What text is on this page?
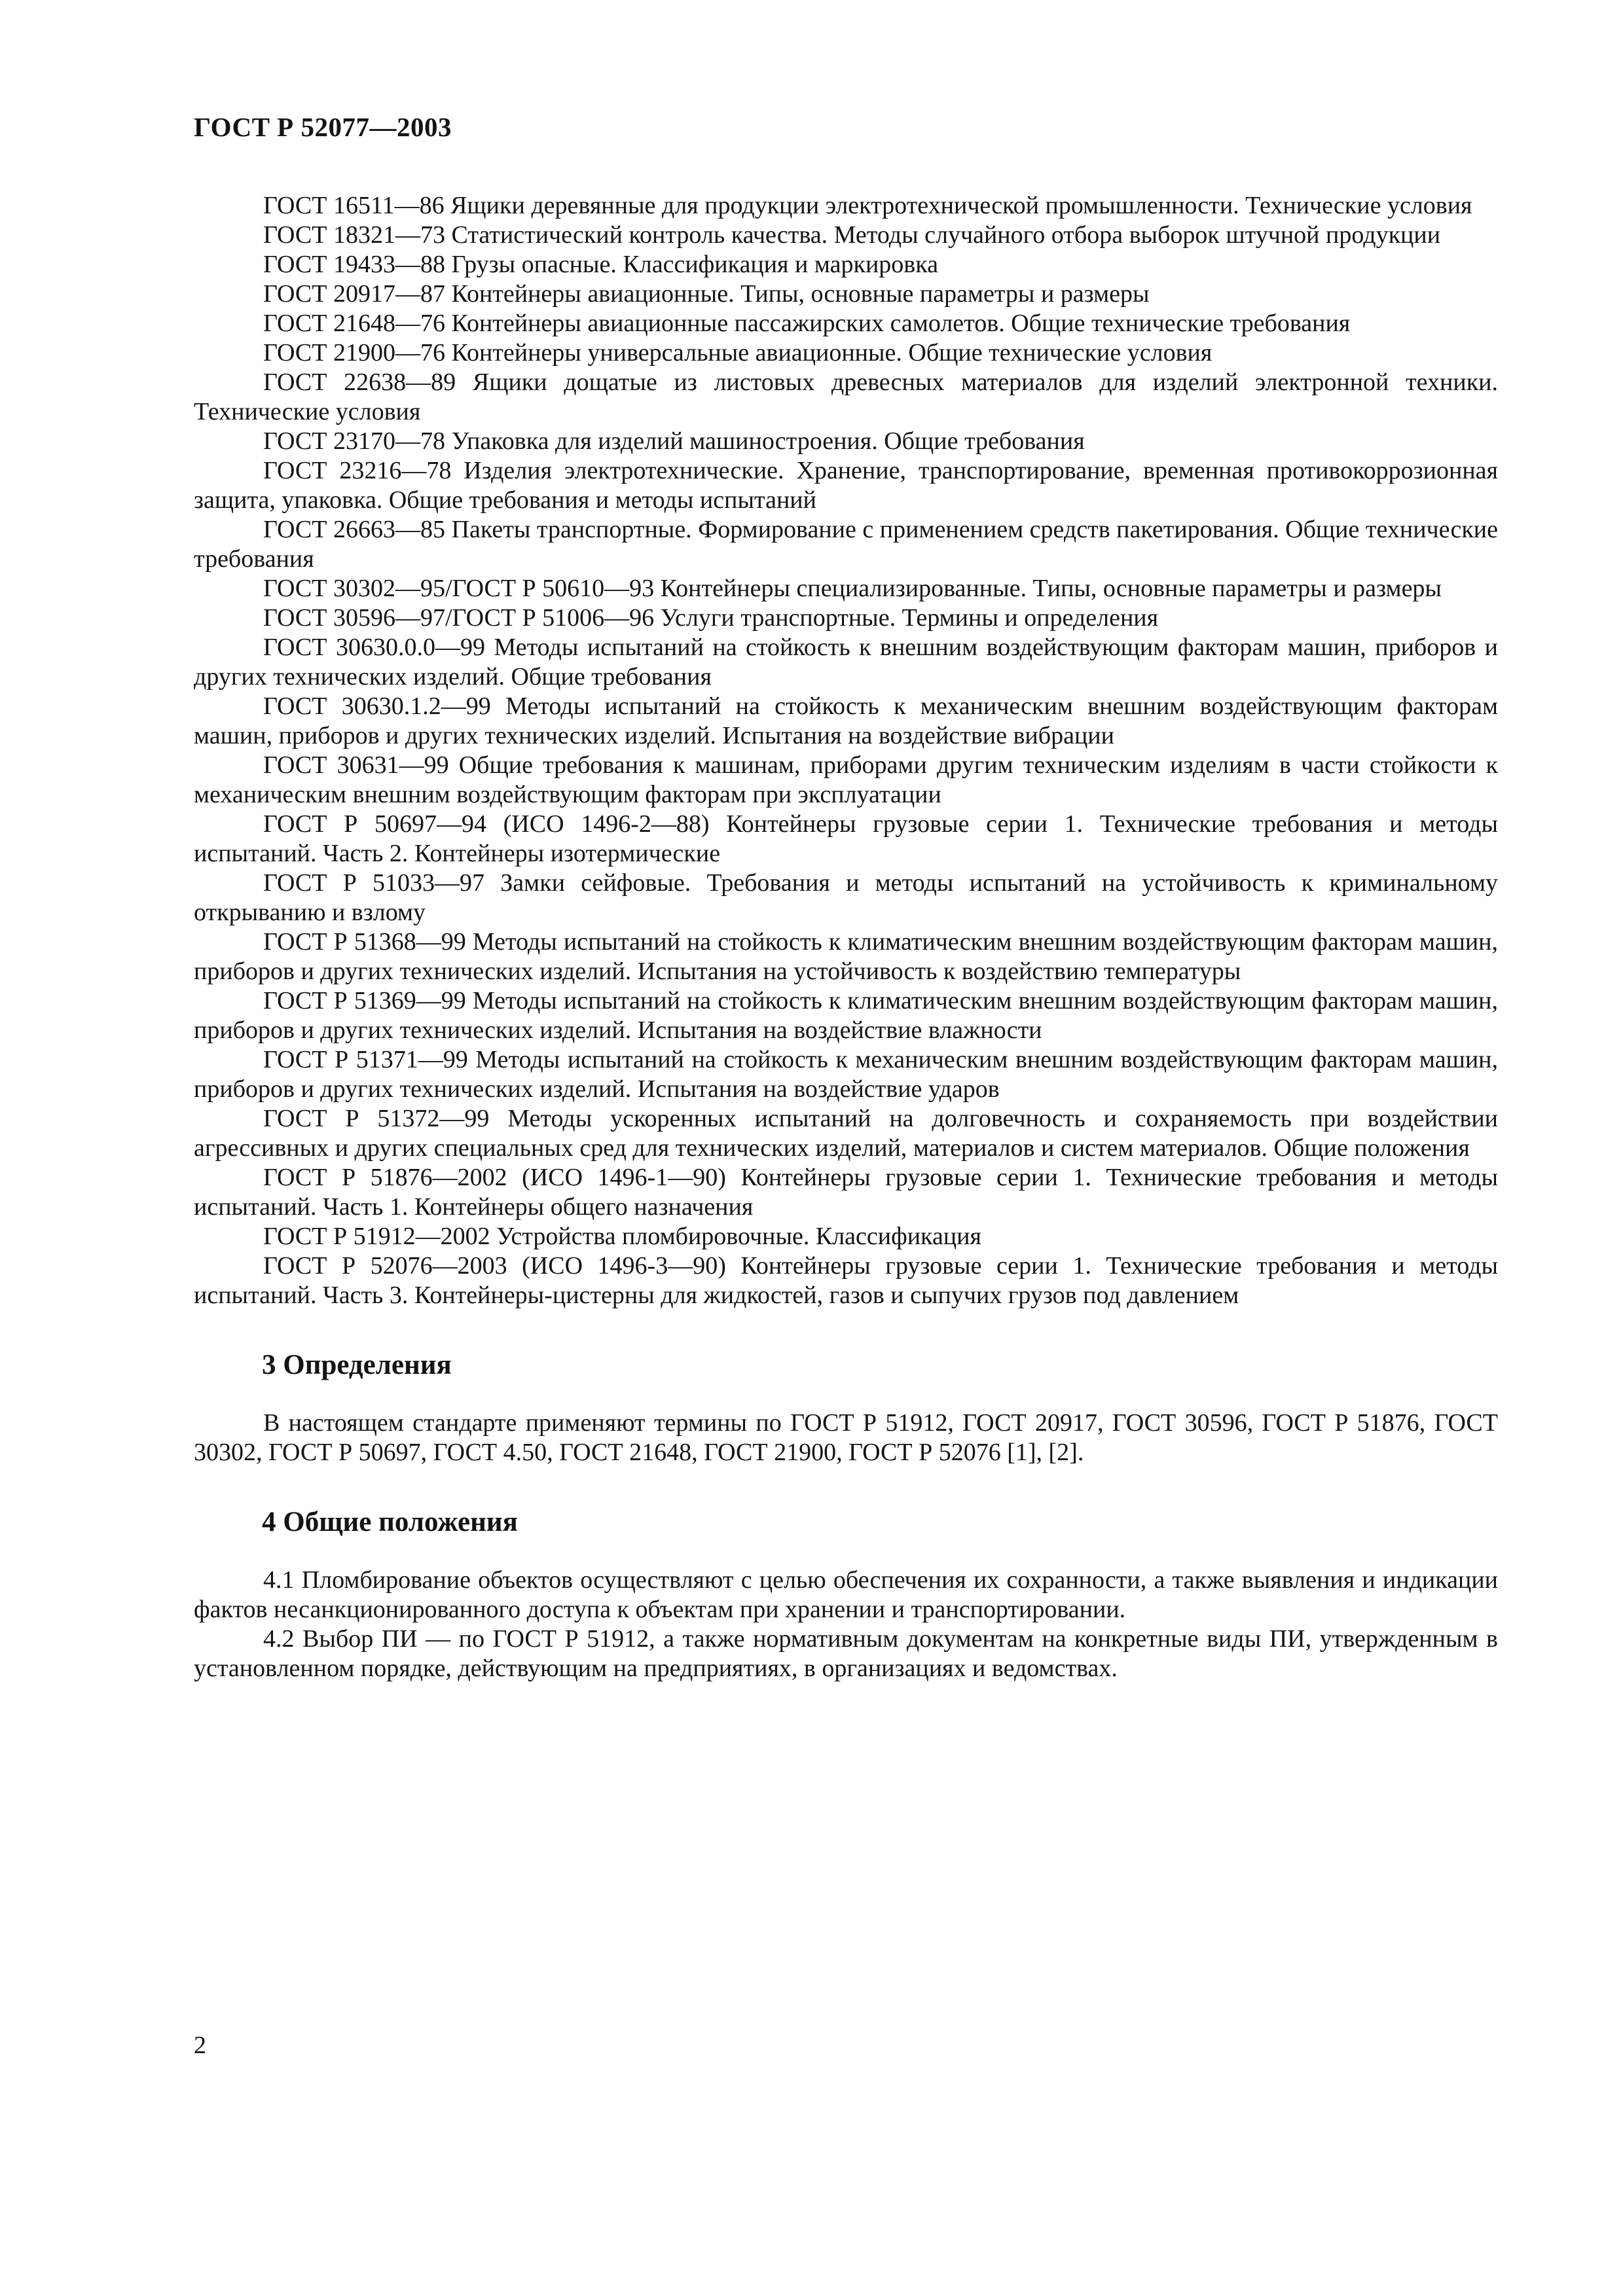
ГОСТ Р 52077—2003

ГОСТ 16511—86 Ящики деревянные для продукции электротехнической промышленности. Технические условия

ГОСТ 18321—73 Статистический контроль качества. Методы случайного отбора выборок штучной продукции

ГОСТ 19433—88 Грузы опасные. Классификация и маркировка

ГОСТ 20917—87 Контейнеры авиационные. Типы, основные параметры и размеры

ГОСТ 21648—76 Контейнеры авиационные пассажирских самолетов. Общие технические требования

ГОСТ 21900—76 Контейнеры универсальные авиационные. Общие технические условия

ГОСТ 22638—89 Ящики дощатые из листовых древесных материалов для изделий электронной техники. Технические условия

ГОСТ 23170—78 Упаковка для изделий машиностроения. Общие требования

ГОСТ 23216—78 Изделия электротехнические. Хранение, транспортирование, временная противокоррозионная защита, упаковка. Общие требования и методы испытаний

ГОСТ 26663—85 Пакеты транспортные. Формирование с применением средств пакетирования. Общие технические требования

ГОСТ 30302—95/ГОСТ Р 50610—93 Контейнеры специализированные. Типы, основные параметры и размеры

ГОСТ 30596—97/ГОСТ Р 51006—96 Услуги транспортные. Термины и определения

ГОСТ 30630.0.0—99 Методы испытаний на стойкость к внешним воздействующим факторам машин, приборов и других технических изделий. Общие требования

ГОСТ 30630.1.2—99 Методы испытаний на стойкость к механическим внешним воздействующим факторам машин, приборов и других технических изделий. Испытания на воздействие вибрации

ГОСТ 30631—99 Общие требования к машинам, приборами другим техническим изделиям в части стойкости к механическим внешним воздействующим факторам при эксплуатации

ГОСТ Р 50697—94 (ИСО 1496-2—88) Контейнеры грузовые серии 1. Технические требования и методы испытаний. Часть 2. Контейнеры изотермические

ГОСТ Р 51033—97 Замки сейфовые. Требования и методы испытаний на устойчивость к криминальному открыванию и взлому

ГОСТ Р 51368—99 Методы испытаний на стойкость к климатическим внешним воздействующим факторам машин, приборов и других технических изделий. Испытания на устойчивость к воздействию температуры

ГОСТ Р 51369—99 Методы испытаний на стойкость к климатическим внешним воздействующим факторам машин, приборов и других технических изделий. Испытания на воздействие влажности

ГОСТ Р 51371—99 Методы испытаний на стойкость к механическим внешним воздействующим факторам машин, приборов и других технических изделий. Испытания на воздействие ударов

ГОСТ Р 51372—99 Методы ускоренных испытаний на долговечность и сохраняемость при воздействии агрессивных и других специальных сред для технических изделий, материалов и систем материалов. Общие положения

ГОСТ Р 51876—2002 (ИСО 1496-1—90) Контейнеры грузовые серии 1. Технические требования и методы испытаний. Часть 1. Контейнеры общего назначения

ГОСТ Р 51912—2002 Устройства пломбировочные. Классификация

ГОСТ Р 52076—2003 (ИСО 1496-3—90) Контейнеры грузовые серии 1. Технические требования и методы испытаний. Часть 3. Контейнеры-цистерны для жидкостей, газов и сыпучих грузов под давлением

3 Определения

В настоящем стандарте применяют термины по ГОСТ Р 51912, ГОСТ 20917, ГОСТ 30596, ГОСТ Р 51876, ГОСТ 30302, ГОСТ Р 50697, ГОСТ 4.50, ГОСТ 21648, ГОСТ 21900, ГОСТ Р 52076 [1], [2].

4 Общие положения

4.1 Пломбирование объектов осуществляют с целью обеспечения их сохранности, а также выявления и индикации фактов несанкционированного доступа к объектам при хранении и транспортировании.

4.2 Выбор ПИ — по ГОСТ Р 51912, а также нормативным документам на конкретные виды ПИ, утвержденным в установленном порядке, действующим на предприятиях, в организациях и ведомствах.

2
